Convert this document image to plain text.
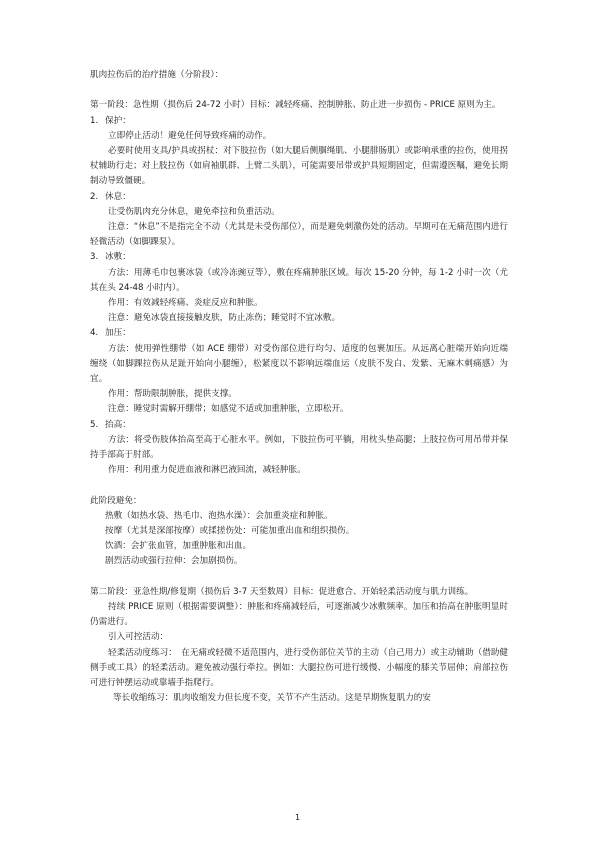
肌肉拉伤后的治疗措施（分阶段）：

第一阶段：急性期（损伤后 24-72 小时）目标：减轻疼痛、控制肿胀、防止进一步损伤 - PRICE 原则为主。

1. 保护：

立即停止活动！避免任何导致疼痛的动作。

必要时使用支具/护具或拐杖：对下肢拉伤（如大腿后侧腘绳肌、小腿腓肠肌）或影响承重的拉伤，使用拐杖辅助行走；对上肢拉伤（如肩袖肌群、上臂二头肌），可能需要吊带或护具短期固定，但需遵医嘱，避免长期制动导致僵硬。

2. 休息：

让受伤肌肉充分休息，避免牵拉和负重活动。

注意：“休息”不是指完全不动（尤其是未受伤部位），而是避免刺激伤处的活动。早期可在无痛范围内进行轻微活动（如脚踝泵）。

3. 冰敷：

方法：用薄毛巾包裹冰袋（或冷冻豌豆等），敷在疼痛肿胀区域。每次 15-20 分钟，每 1-2 小时一次（尤其在头 24-48 小时内）。

作用：有效减轻疼痛、炎症反应和肿胀。

注意：避免冰袋直接接触皮肤，防止冻伤；睡觉时不宜冰敷。

4. 加压：

方法：使用弹性绷带（如 ACE 绷带）对受伤部位进行均匀、适度的包裹加压。从远离心脏端开始向近端缠绕（如脚踝拉伤从足趾开始向小腿缠），松紧度以不影响远端血运（皮肤不发白、发紫、无麻木刺痛感）为宜。

作用：帮助限制肿胀，提供支撑。

注意：睡觉时需解开绷带；如感觉不适或加重肿胀，立即松开。

5. 抬高：

方法：将受伤肢体抬高至高于心脏水平。例如，下肢拉伤可平躺，用枕头垫高腿；上肢拉伤可用吊带并保持手部高于肘部。

作用：利用重力促进血液和淋巴液回流，减轻肿胀。

此阶段避免：

热敷（如热水袋、热毛巾、泡热水澡）：会加重炎症和肿胀。

按摩（尤其是深部按摩）或揉搓伤处：可能加重出血和组织损伤。

饮酒：会扩张血管，加重肿胀和出血。

剧烈活动或强行拉伸：会加剧损伤。

第二阶段：亚急性期/修复期（损伤后 3-7 天至数周）目标：促进愈合、开始轻柔活动度与肌力训练。

持续 PRICE 原则（根据需要调整）：肿胀和疼痛减轻后，可逐渐减少冰敷频率。加压和抬高在肿胀明显时仍需进行。

引入可控活动：

轻柔活动度练习：　在无痛或轻微不适范围内，进行受伤部位关节的主动（自己用力）或主动辅助（借助健侧手或工具）的轻柔活动。避免被动强行牵拉。例如：大腿拉伤可进行缓慢、小幅度的膝关节屈伸；肩部拉伤可进行钟摆运动或靠墙手指爬行。

等长收缩练习：肌肉收缩发力但长度不变，关节不产生活动。这是早期恢复肌力的安

1
